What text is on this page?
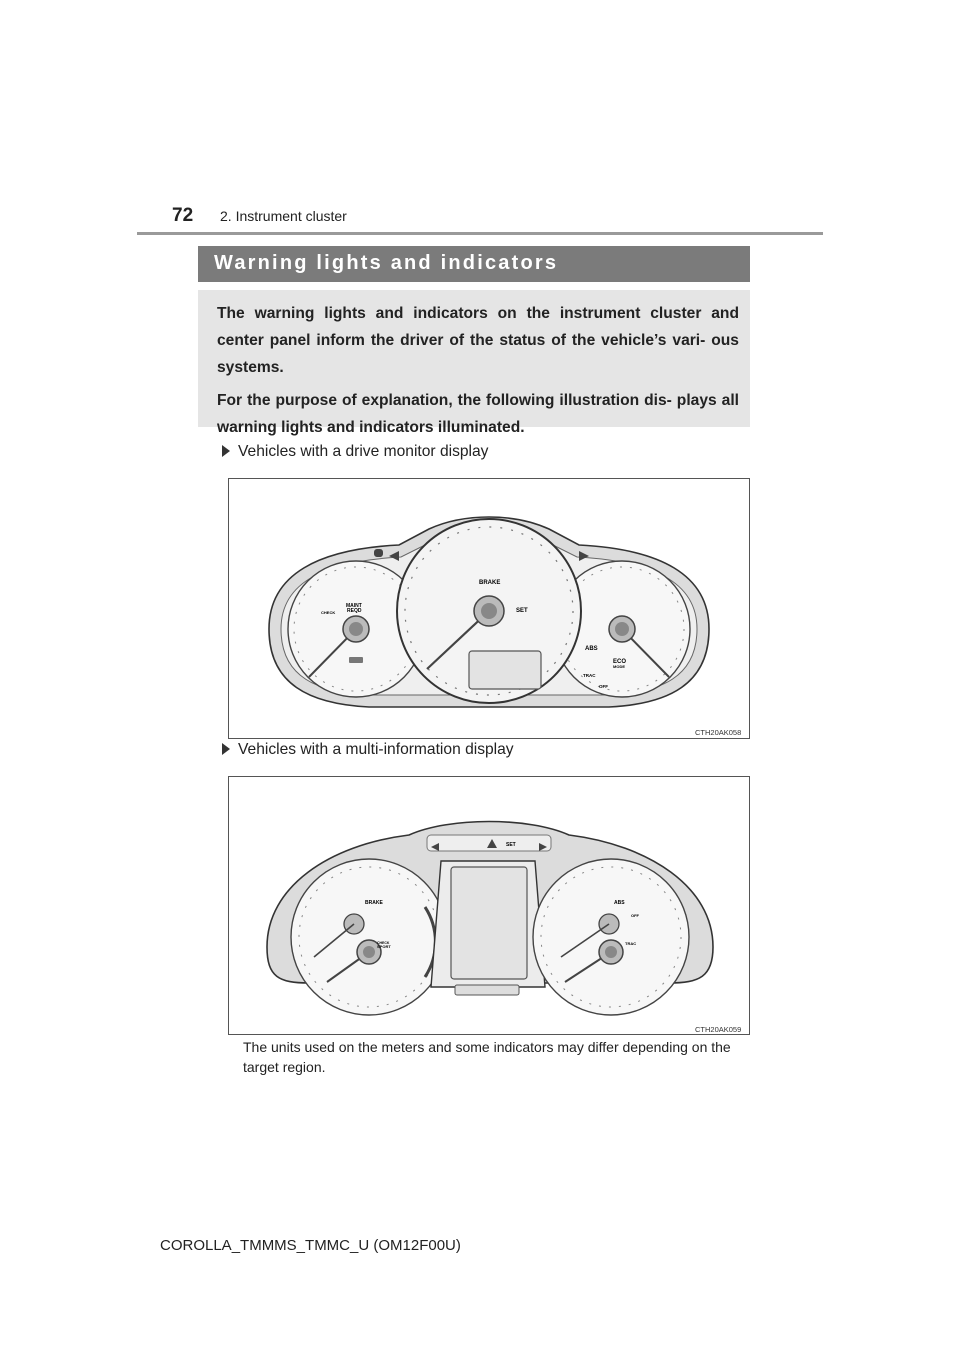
72 2. Instrument cluster
Warning lights and indicators

The warning lights and indicators on the instrument cluster and center panel inform the driver of the status of the vehicle’s vari- ous systems.

For the purpose of explanation, the following illustration dis- plays all warning lights and indicators illuminated.

Vehicles with a drive monitor display
MAINT
REQD
CHECK
ABS
ECO
MODE
TRAC
OFF
BRAKE
SET
CTH20AK058
Vehicles with a multi-information display
SET
BRAKE
CHECK
SPORT
ABS
OFF
TRAC
CTH20AK059
The units used on the meters and some indicators may differ depending on the target region.
COROLLA_TMMMS_TMMC_U (OM12F00U)
